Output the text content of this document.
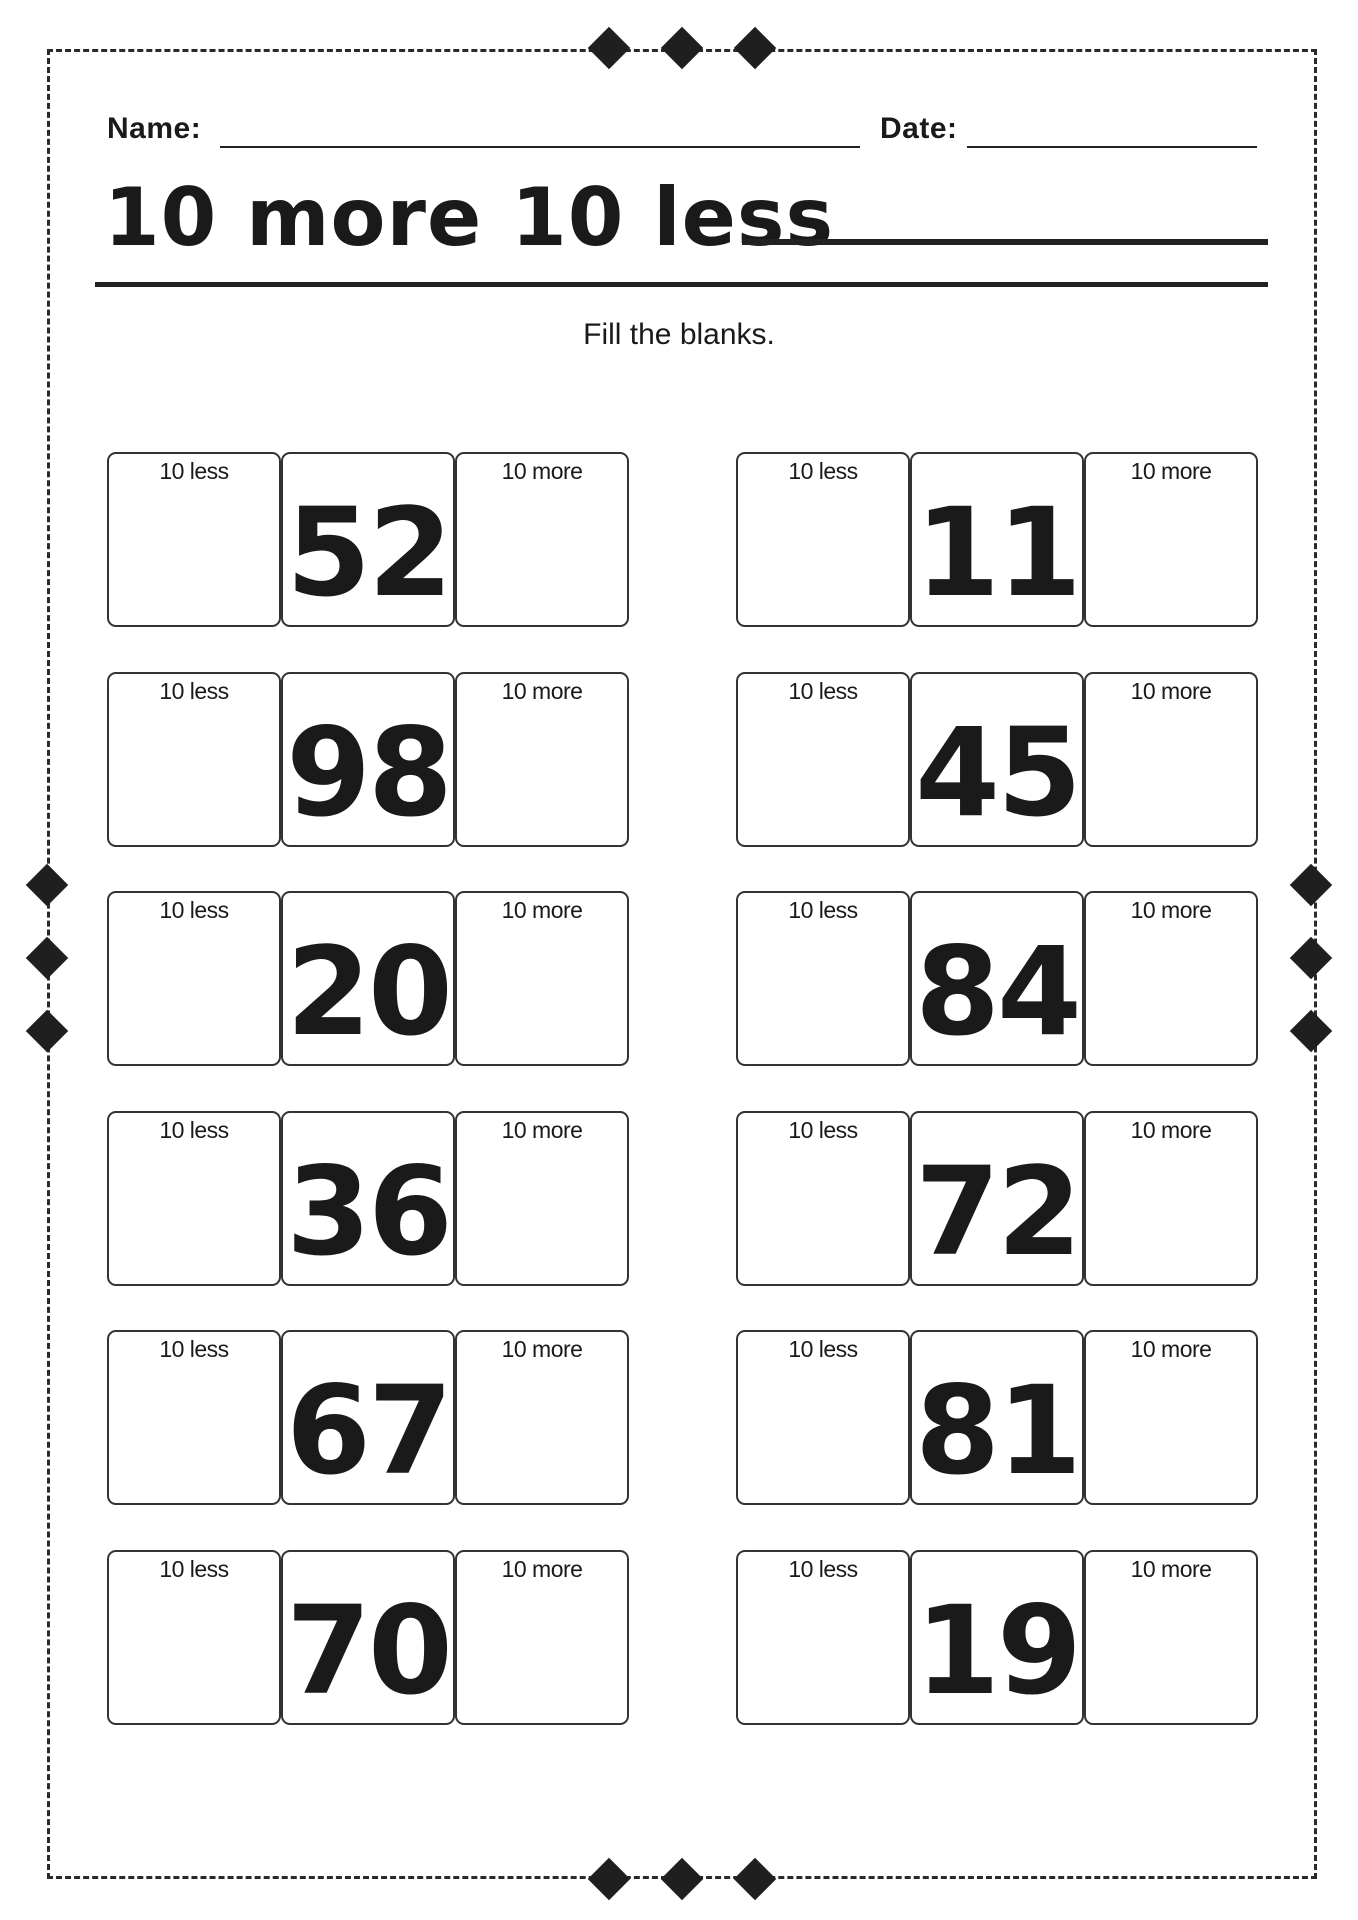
Name:	Date:
10 more 10 less
Fill the blanks.
10 less
52
10 more	10 less
11
10 more
10 less
98
10 more	10 less
45
10 more
10 less
20
10 more	10 less
84
10 more
10 less
36
10 more	10 less
72
10 more
10 less
67
10 more	10 less
81
10 more
10 less
70
10 more	10 less
19
10 more
